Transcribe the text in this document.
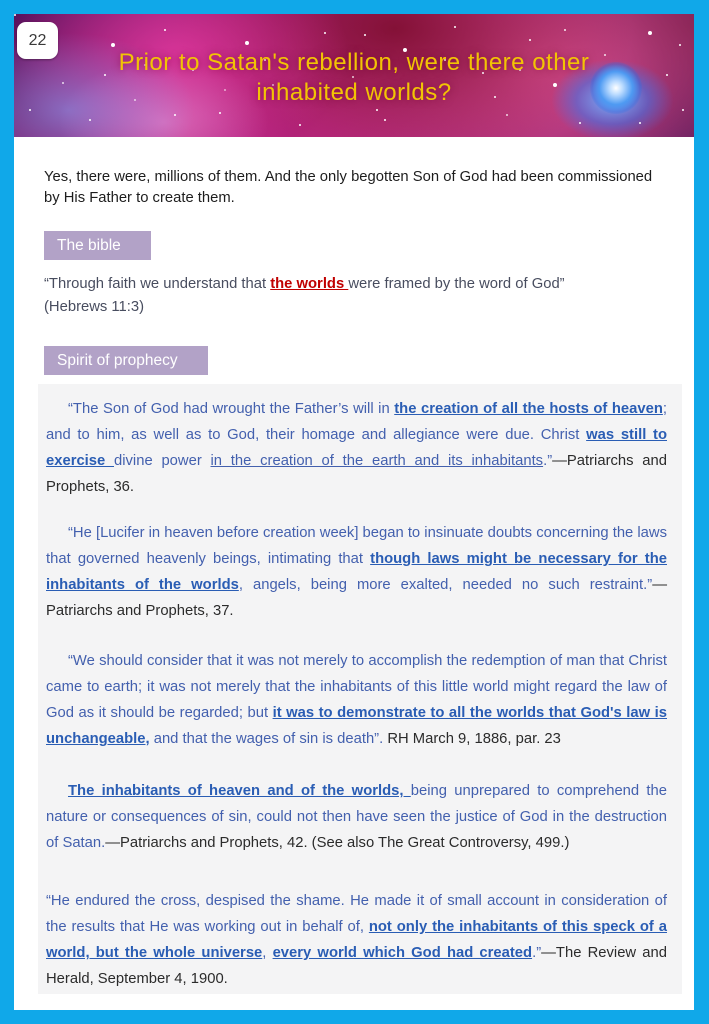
22
Prior to Satan's rebellion, were there other
inhabited worlds?

Yes, there were, millions of them. And the only begotten Son of God had been commissioned by His Father to create them.

The bible

“Through faith we understand that the worlds were framed by the word of God”

(Hebrews 11:3)

Spirit of prophecy

“The Son of God had wrought the Father’s will in the creation of all the hosts of heaven; and to him, as well as to God, their homage and allegiance were due. Christ was still to exercise divine power in the creation of the earth and its inhabitants.”—Patriarchs and Prophets, 36.

“He [Lucifer in heaven before creation week] began to insinuate doubts concerning the laws that governed heavenly beings, intimating that though laws might be necessary for the inhabitants of the worlds, angels, being more exalted, needed no such restraint.”—Patriarchs and Prophets, 37.

“We should consider that it was not merely to accomplish the redemption of man that Christ came to earth; it was not merely that the inhabitants of this little world might regard the law of God as it should be regarded; but it was to demonstrate to all the worlds that God's law is unchangeable, and that the wages of sin is death”. RH March 9, 1886, par. 23

The inhabitants of heaven and of the worlds, being unprepared to comprehend the nature or consequences of sin, could not then have seen the justice of God in the destruction of Satan.—Patriarchs and Prophets, 42. (See also The Great Controversy, 499.)

“He endured the cross, despised the shame. He made it of small account in consideration of the results that He was working out in behalf of, not only the inhabitants of this speck of a world, but the whole universe, every world which God had created.”—The Review and Herald, September 4, 1900.
